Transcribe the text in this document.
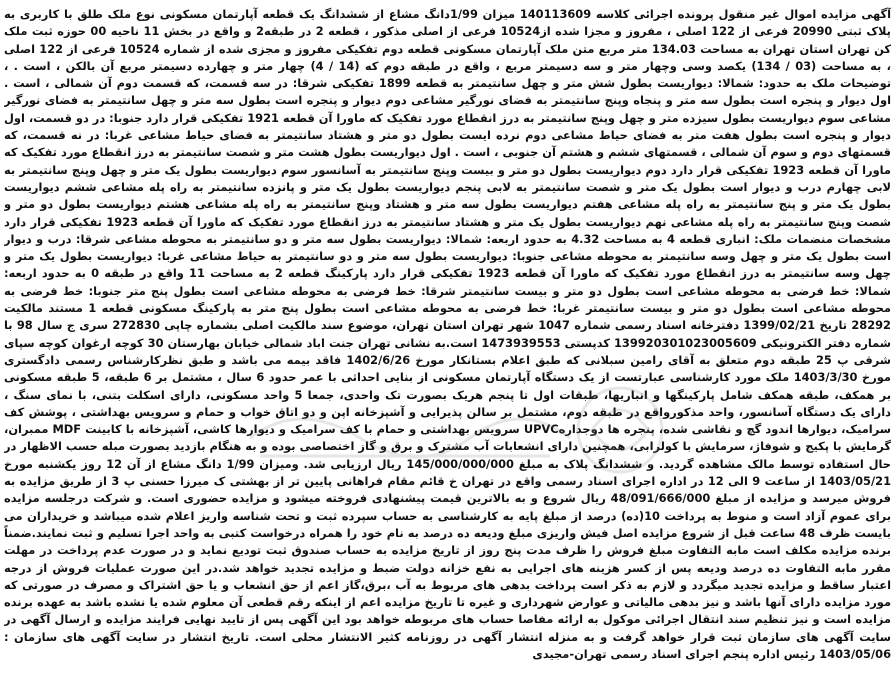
آگهی مزایده اموال غیر منقول پرونده اجرائی کلاسه 140113609 میزان 1/99دانگ مشاع از ششدانگ یک قطعه آپارتمان مسکونی نوع ملک طلق با کاربری به پلاک ثبتی 20990 فرعی از 122 اصلی ، مفروز و مجزا شده از10524 فرعی از اصلی مذکور ، قطعه 2 در طبقه2 و واقع در بخش 11 ناحیه 00 حوزه ثبت ملک کن تهران استان تهران به مساحت 134.03 متر مربع متن ملک آپارتمان مسکونی قطعه دوم تفکیکی مفروز و مجزی شده از شماره 10524 فرعی از 122 اصلی ، به مساحت (03 / 134) یکصد وسی وچهار متر و سه دسیمتر مربع ، واقع در طبقه دوم که (14 / 4) چهار متر و چهارده دسیمتر مربع آن بالکن ، است . ، توضیحات ملک به حدود: شمالا: دیواریست بطول شش متر و چهل سانتیمتر به قطعه 1899 تفکیکی شرقا: در سه قسمت، که قسمت دوم آن شمالی ، است . اول دیوار و پنجره است بطول سه متر و پنجاه وپنج سانتیمتر به فضای نورگیر مشاعی دوم دیوار و پنجره است بطول سه متر و چهل سانتیمتر به فضای نورگیر مشاعی سوم دیواریست بطول سیزده متر و چهل وپنج سانتیمتر به درز انقطاع مورد تفکیک که ماورا آن قطعه 1921 تفکیکی قرار دارد جنوبا: در دو قسمت، اول دیوار و پنجره است بطول هفت متر به فضای حیاط مشاعی دوم نرده ایست بطول دو متر و هشتاد سانتیمتر به فضای حیاط مشاعی غربا: در نه قسمت، که قسمتهای دوم و سوم آن شمالی ، قسمتهای ششم و هشتم آن جنوبی ، است . اول دیواریست بطول هشت متر و شصت سانتیمتر به درز انقطاع مورد تفکیک که ماورا آن قطعه 1923 تفکیکی قرار دارد دوم دیواریست بطول دو متر و بیست وپنج سانتیمتر به آسانسور سوم دیواریست بطول یک متر و چهل وپنج سانتیمتر به لابی چهارم درب و دیوار است بطول یک متر و شصت سانتیمتر به لابی پنجم دیواریست بطول یک متر و پانزده سانتیمتر به راه پله مشاعی ششم دیواریست بطول یک متر و پنج سانتیمتر به راه پله مشاعی هفتم دیواریست بطول سه متر و هشتاد وپنج سانتیمتر به راه پله مشاعی هشتم دیواریست بطول دو متر و شصت وپنج سانتیمتر به راه پله مشاعی نهم دیواریست بطول یک متر و هشتاد سانتیمتر به درز انقطاع مورد تفکیک که ماورا آن قطعه 1923 تفکیکی قرار دارد مشخصات منضمات ملک: انباری قطعه 4 به مساحت 4.32 به حدود اربعه: شمالا: دیواریست بطول سه متر و دو سانتیمتر به محوطه مشاعی شرقا: درب و دیوار است بطول یک متر و چهل وسه سانتیمتر به محوطه مشاعی جنوبا: دیواریست بطول سه متر و دو سانتیمتر به حیاط مشاعی غربا: دیواریست بطول یک متر و چهل وسه سانتیمتر به درز انقطاع مورد تفکیک که ماورا آن قطعه 1923 تفکیکی قرار دارد پارکینگ قطعه 2 به مساحت 11 واقع در طبقه 0 به حدود اربعه: شمالا: خط فرضی به محوطه مشاعی است بطول دو متر و بیست سانتیمتر شرقا: خط فرضی به محوطه مشاعی است بطول پنج متر جنوبا: خط فرضی به محوطه مشاعی است بطول دو متر و بیست سانتیمتر غربا: خط فرضی به محوطه مشاعی است بطول پنج متر به پارکینگ مسکونی قطعه 1 مستند مالکیت 28292 تاریخ 1399/02/21 دفترخانه اسناد رسمی شماره 1047 شهر تهران استان تهران، موضوع سند مالکیت اصلی بشماره چاپی 272830 سری ج سال 98 با شماره دفتر الکترونیکی 139920301023005609 کدپستی 1473939553 است.به نشانی تهران جنت اباد شمالی خیابان بهارستان 30 کوچه ارغوان کوچه سپای شرقی پ 25 طبقه دوم متعلق به آقای رامین سبلانی که طبق اعلام بستانکار مورخ 1402/6/26 فاقد بیمه می باشد و طبق نظرکارشناس رسمی دادگستری مورخ 1403/3/30 ملک مورد کارشناسی عبارتست از یک دستگاه آپارتمان مسکونی از بنایی احداثی با عمر حدود 6 سال ، مشتمل بر 6 طبقه، 5 طبقه مسکونی بر همکف، طبقه همکف شامل پارکینگها و انباریها، طبقات اول تا پنجم هریک بصورت تک واحدی، جمعا 5 واحد مسکونی، دارای اسکلت بتنی، با نمای سنگ ، دارای یک دستگاه آسانسور، واحد مذکورواقع در طبقه دوم، مشتمل بر سالن پذیرایی و آشپزخانه اپن و دو اتاق خواب و حمام و سرویس بهداشتی ، پوشش کف سرامیک، دیوارها اندود گچ و نقاشی شده، پنجره ها دوجدارهUPVC سرویس بهداشتی و حمام با کف سرامیک و دیوارها کاشی، آشپزخانه با کابینت MDF ممبران، گرمایش با پکیج و شوفاژ، سرمایش با کولرابی، همچنین دارای انشعابات آب مشترک و برق و گاز اختصاصی بوده و به هنگام بازدید بصورت مبله حسب الاظهار در حال استفاده توسط مالک مشاهده گردید. و ششدانگ پلاک به مبلغ 145/000/000/000 ریال ارزیابی شد. ومیزان 1/99 دانگ مشاع از آن 12 روز یکشنبه مورخ 1403/05/21 از ساعت 9 الی 12 در اداره اجرای اسناد رسمی واقع در تهران خ قائم مقام فراهانی پایین تر از بهشتی ک میرزا حسنی پ 3 از طریق مزایده به فروش میرسد و مزایده از مبلغ 48/091/666/000 ریال شروع و به بالاترین قیمت پیشنهادی فروخته میشود و مزایده حضوری است. و شرکت درجلسه مزایده برای عموم آزاد است و منوط به پرداخت 10(ده) درصد از مبلغ پایه به کارشناسی به حساب سپرده ثبت و تحت شناسه واریز اعلام شده میباشد و خریداران می بایست ظرف 48 ساعت قبل از شروع مزایده اصل فیش واریزی مبلغ ودیعه ده درصد به نام خود را همراه درخواست کتبی به واحد اجرا تسلیم و ثبت نمایند.ضمناً برنده مزایده مکلف است مابه التفاوت مبلغ فروش را ظرف مدت پنج روز از تاریخ مزایده به حساب صندوق ثبت تودیع نماید و در صورت عدم پرداخت در مهلت مقرر مابه التفاوت ده درصد ودیعه پس از کسر هزینه های اجرایی به نفع خزانه دولت ضبط و مزایده تجدید خواهد شد.در این صورت عملیات فروش از درجه اعتبار ساقط و مزایده تجدید میگردد و لازم به ذکر است پرداخت بدهی های مربوط به آب ،برق،گاز اعم از حق انشعاب و یا حق اشتراک و مصرف در صورتی که مورد مزایده دارای آنها باشد و نیز بدهی مالیاتی و عوارض شهرداری و غیره تا تاریخ مزایده اعم از اینکه رقم قطعی آن معلوم شده یا نشده باشد به عهده برنده مزایده است و نیز تنظیم سند انتقال اجرائی موکول به ارائه مفاصا حساب های مربوطه خواهد بود این آگهی پس از تایید نهایی فرایند مزایده و ارسال آگهی در سایت آگهی های سازمان ثبت قرار خواهد گرفت و به منزله انتشار آگهی در روزنامه کثیر الانتشار محلی است. تاریخ انتشار در سایت آگهی های سازمان : 1403/05/06 رئیس اداره پنجم اجرای اسناد رسمی تهران-مجیدی
